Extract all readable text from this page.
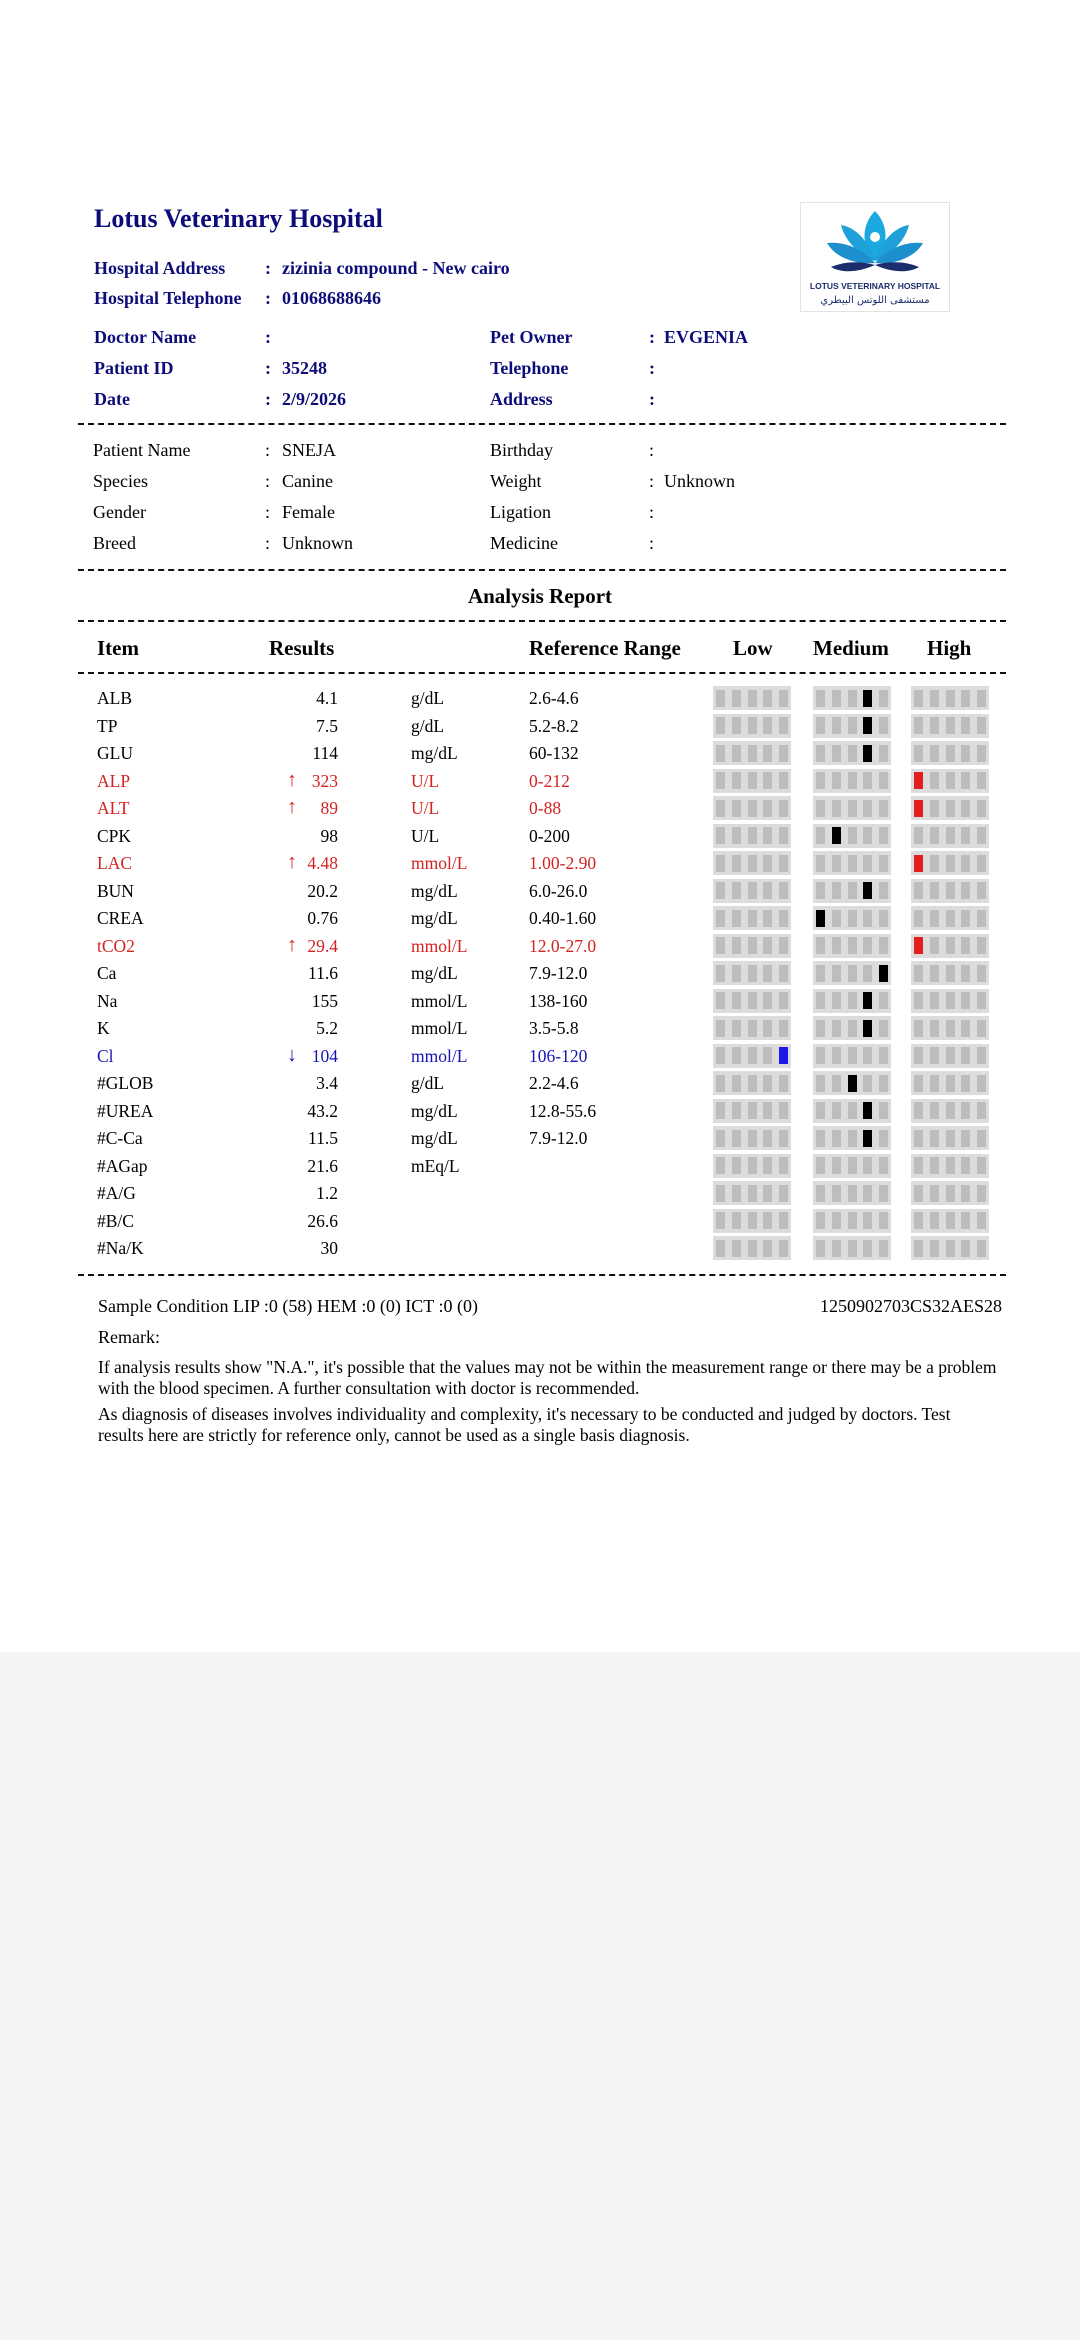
Lotus Veterinary Hospital
Hospital Address : zizinia compound - New cairo
Hospital Telephone : 01068688646
LOTUS VETERINARY HOSPITAL
مستشفى اللوتس البيطري
Doctor Name	:
Patient ID	: 35248
Date	: 2/9/2026
Pet Owner	: EVGENIA
Telephone	:
Address	:
Patient Name	: SNEJA
Species	: Canine
Gender	: Female
Breed	: Unknown
Birthday	:
Weight	: Unknown
Ligation	:
Medicine	:
Analysis Report
Item	Results	Reference Range Low Medium High
ALB	4.1	g/dL	2.6-4.6
TP	7.5	g/dL	5.2-8.2
GLU	114	mg/dL	60-132
ALP	↑ 323	U/L	0-212
ALT	↑	89	U/L	0-88
CPK	98	U/L	0-200
LAC	↑ 4.48	mmol/L	1.00-2.90
BUN	20.2	mg/dL	6.0-26.0
CREA	0.76	mg/dL	0.40-1.60
tCO2	↑ 29.4	mmol/L	12.0-27.0
Ca	11.6	mg/dL	7.9-12.0
Na	155	mmol/L	138-160
K	5.2	mmol/L	3.5-5.8
Cl	↓ 104	mmol/L	106-120
#GLOB	3.4	g/dL	2.2-4.6
#UREA	43.2	mg/dL	12.8-55.6
#C-Ca	11.5	mg/dL	7.9-12.0
#AGap	21.6	mEq/L
#A/G	1.2
#B/C	26.6
#Na/K	30
Sample Condition LIP :0 (58) HEM :0 (0) ICT :0 (0)	1250902703CS32AES28
Remark:
If analysis results show "N.A.", it's possible that the values may not be within the measurement range or there may be a problem with the blood specimen. A further consultation with doctor is recommended.
As diagnosis of diseases involves individuality and complexity, it's necessary to be conducted and judged by doctors. Test results here are strictly for reference only, cannot be used as a single basis diagnosis.
